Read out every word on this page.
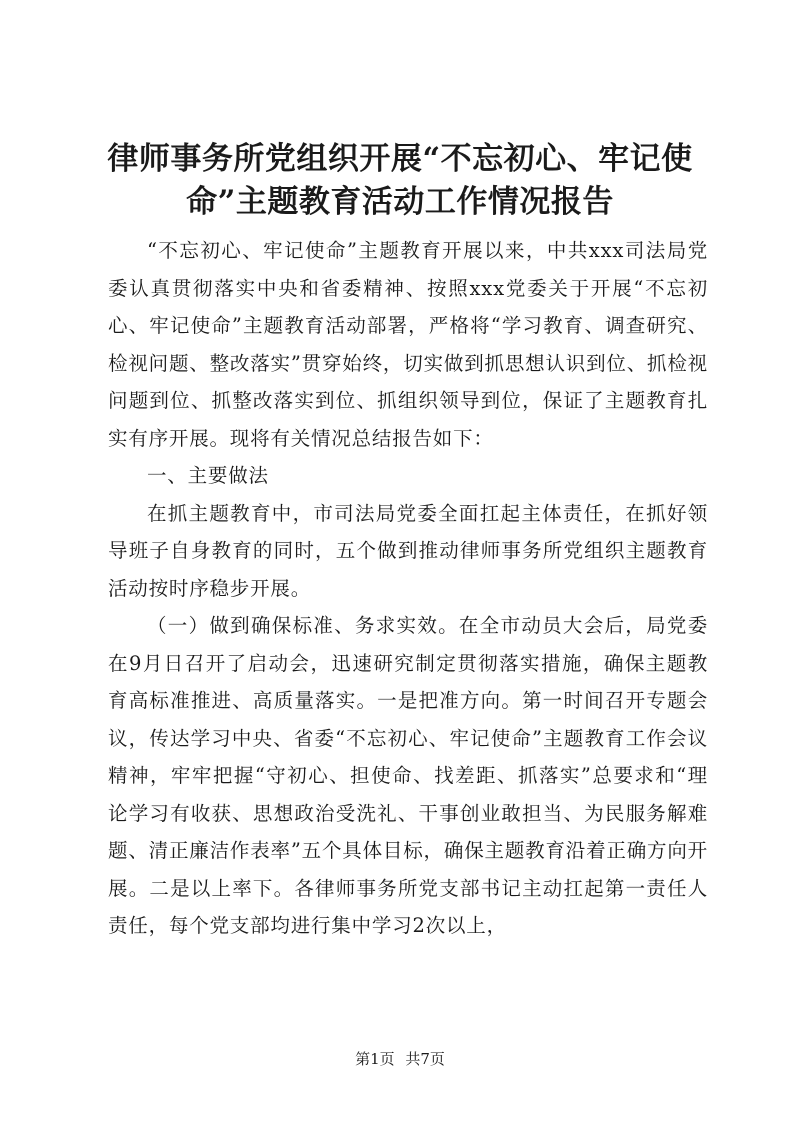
律师事务所党组织开展“不忘初心、牢记使命”主题教育活动工作情况报告

“不忘初心、牢记使命”主题教育开展以来，中共xxx司法局党委认真贯彻落实中央和省委精神、按照xxx党委关于开展“不忘初心、牢记使命”主题教育活动部署，严格将“学习教育、调查研究、检视问题、整改落实”贯穿始终，切实做到抓思想认识到位、抓检视问题到位、抓整改落实到位、抓组织领导到位，保证了主题教育扎实有序开展。现将有关情况总结报告如下：

一、主要做法

在抓主题教育中，市司法局党委全面扛起主体责任，在抓好领导班子自身教育的同时，五个做到推动律师事务所党组织主题教育活动按时序稳步开展。

（一）做到确保标准、务求实效。在全市动员大会后，局党委在9月日召开了启动会，迅速研究制定贯彻落实措施，确保主题教育高标准推进、高质量落实。一是把准方向。第一时间召开专题会议，传达学习中央、省委“不忘初心、牢记使命”主题教育工作会议精神，牢牢把握“守初心、担使命、找差距、抓落实”总要求和“理论学习有收获、思想政治受洗礼、干事创业敢担当、为民服务解难题、清正廉洁作表率”五个具体目标，确保主题教育沿着正确方向开展。二是以上率下。各律师事务所党支部书记主动扛起第一责任人责任，每个党支部均进行集中学习2次以上，

第1页 共7页
